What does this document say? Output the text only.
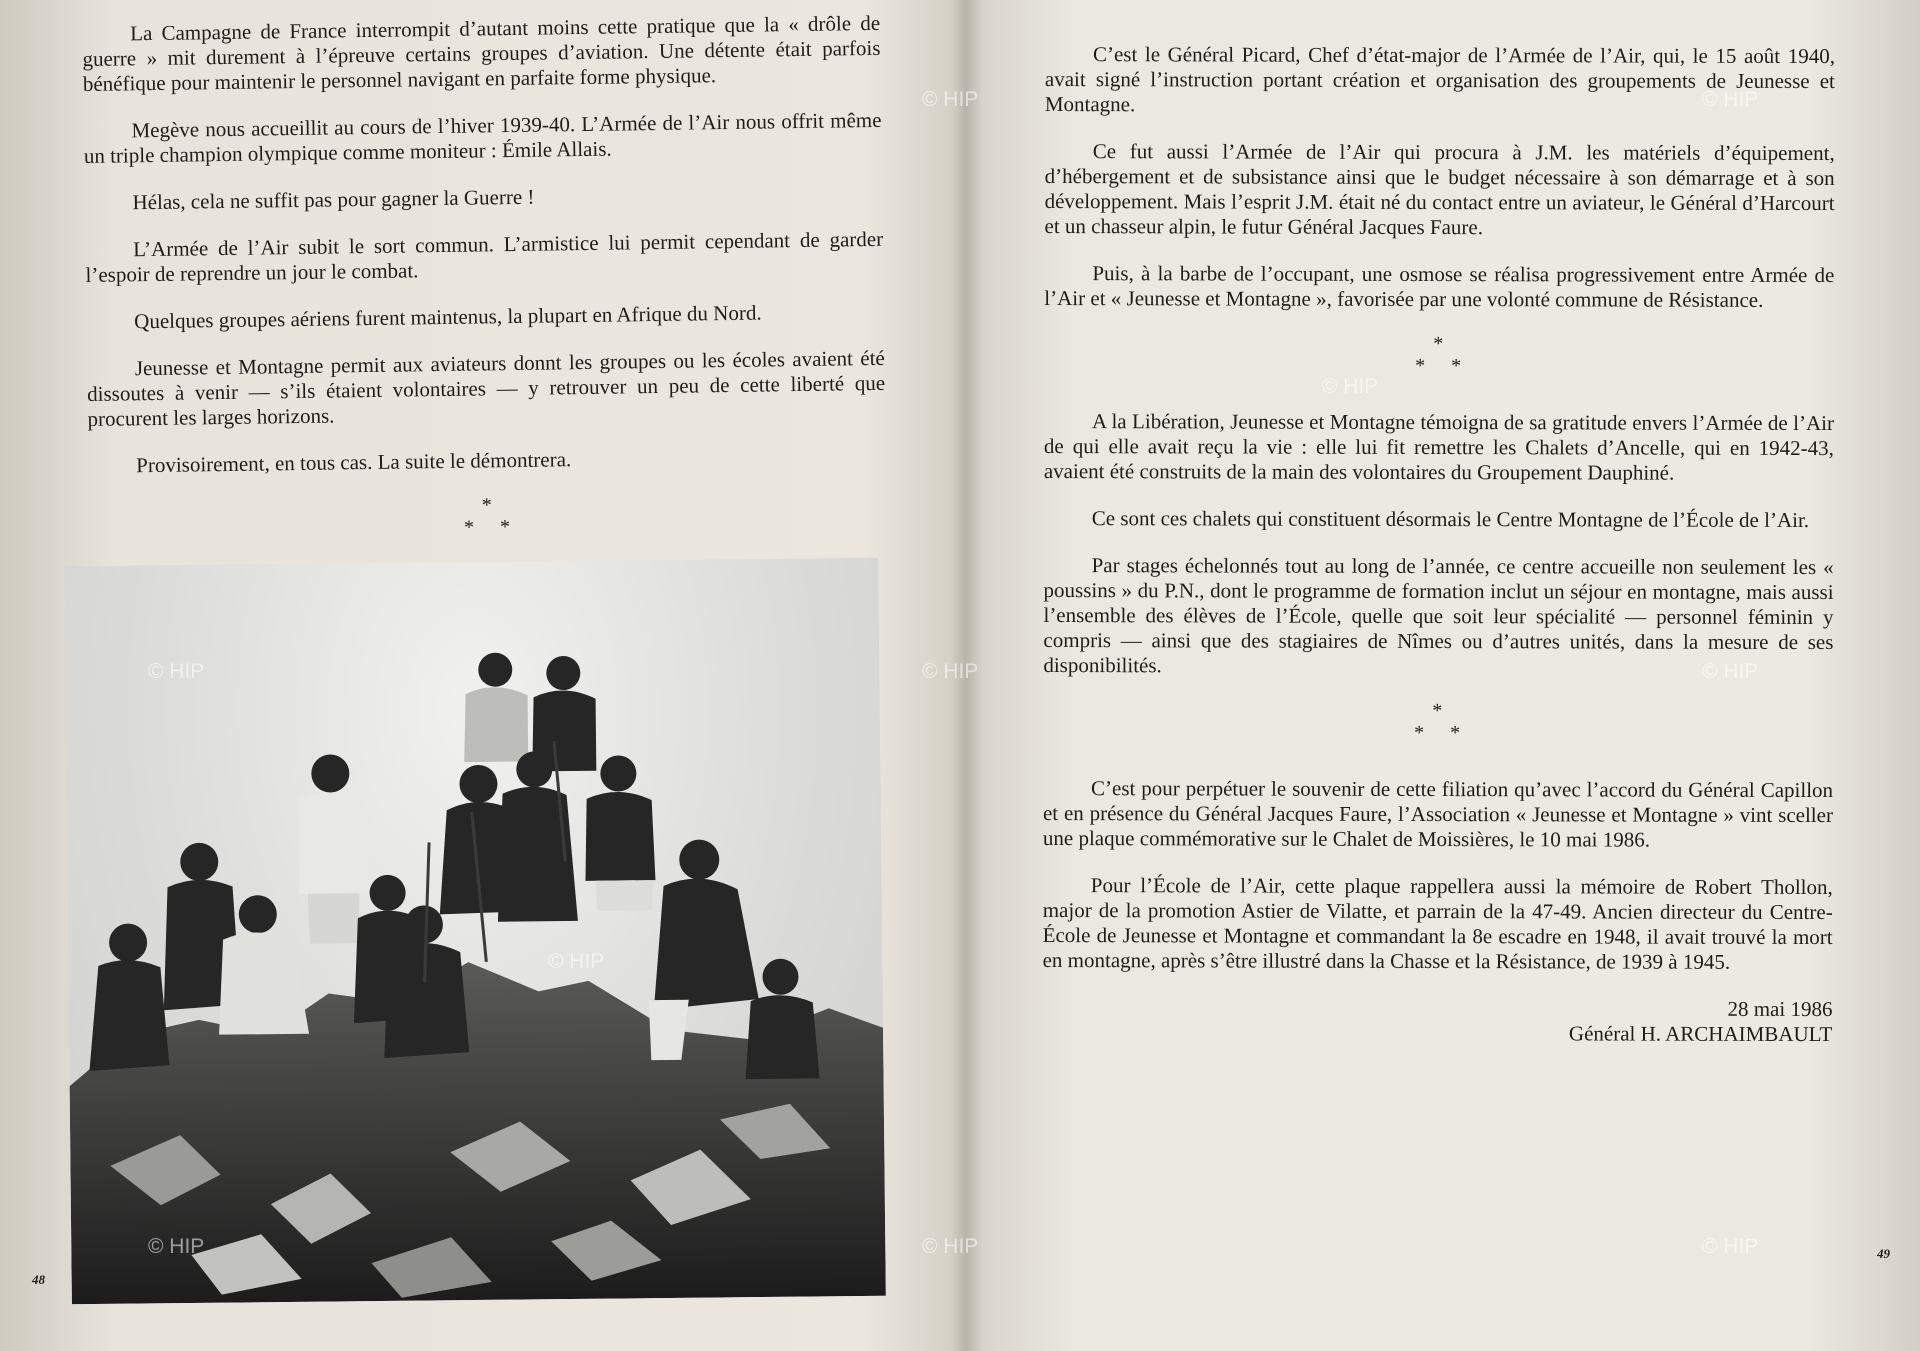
La Campagne de France interrompit d’autant moins cette pratique que la « drôle de guerre » mit durement à l’épreuve certains groupes d’aviation. Une détente était parfois bénéfique pour maintenir le personnel navigant en parfaite forme physique.

Megève nous accueillit au cours de l’hiver 1939-40. L’Armée de l’Air nous offrit même un triple champion olympique comme moniteur : Émile Allais.

Hélas, cela ne suffit pas pour gagner la Guerre !

L’Armée de l’Air subit le sort commun. L’armistice lui permit cependant de garder l’espoir de reprendre un jour le combat.

Quelques groupes aériens furent maintenus, la plupart en Afrique du Nord.

Jeunesse et Montagne permit aux aviateurs donnt les groupes ou les écoles avaient été dissoutes à venir — s’ils étaient volontaires — y retrouver un peu de cette liberté que procurent les larges horizons.

Provisoirement, en tous cas. La suite le démontrera.

*
* *
48

C’est le Général Picard, Chef d’état-major de l’Armée de l’Air, qui, le 15 août 1940, avait signé l’instruction portant création et organisation des groupements de Jeunesse et Montagne.

Ce fut aussi l’Armée de l’Air qui procura à J.M. les matériels d’équipement, d’hébergement et de subsistance ainsi que le budget nécessaire à son démarrage et à son développement. Mais l’esprit J.M. était né du contact entre un aviateur, le Général d’Harcourt et un chasseur alpin, le futur Général Jacques Faure.

Puis, à la barbe de l’occupant, une osmose se réalisa progressivement entre Armée de l’Air et « Jeunesse et Montagne », favorisée par une volonté commune de Résistance.

*
* *

A la Libération, Jeunesse et Montagne témoigna de sa gratitude envers l’Armée de l’Air de qui elle avait reçu la vie : elle lui fit remettre les Chalets d’Ancelle, qui en 1942-43, avaient été construits de la main des volontaires du Groupement Dauphiné.

Ce sont ces chalets qui constituent désormais le Centre Montagne de l’École de l’Air.

Par stages échelonnés tout au long de l’année, ce centre accueille non seulement les « poussins » du P.N., dont le programme de formation inclut un séjour en montagne, mais aussi l’ensemble des élèves de l’École, quelle que soit leur spécialité — personnel féminin y compris — ainsi que des stagiaires de Nîmes ou d’autres unités, dans la mesure de ses disponibilités.

*
* *

C’est pour perpétuer le souvenir de cette filiation qu’avec l’accord du Général Capillon et en présence du Général Jacques Faure, l’Association « Jeunesse et Montagne » vint sceller une plaque commémorative sur le Chalet de Moissières, le 10 mai 1986.

Pour l’École de l’Air, cette plaque rappellera aussi la mémoire de Robert Thollon, major de la promotion Astier de Vilatte, et parrain de la 47-49. Ancien directeur du Centre-École de Jeunesse et Montagne et commandant la 8e escadre en 1948, il avait trouvé la mort en montagne, après s’être illustré dans la Chasse et la Résistance, de 1939 à 1945.

28 mai 1986
Général H. ARCHAIMBAULT
49
© HIP
© HIP
© HIP
© HIP
© HIP
© HIP
© HIP
© HIP
© HIP
© HIP
